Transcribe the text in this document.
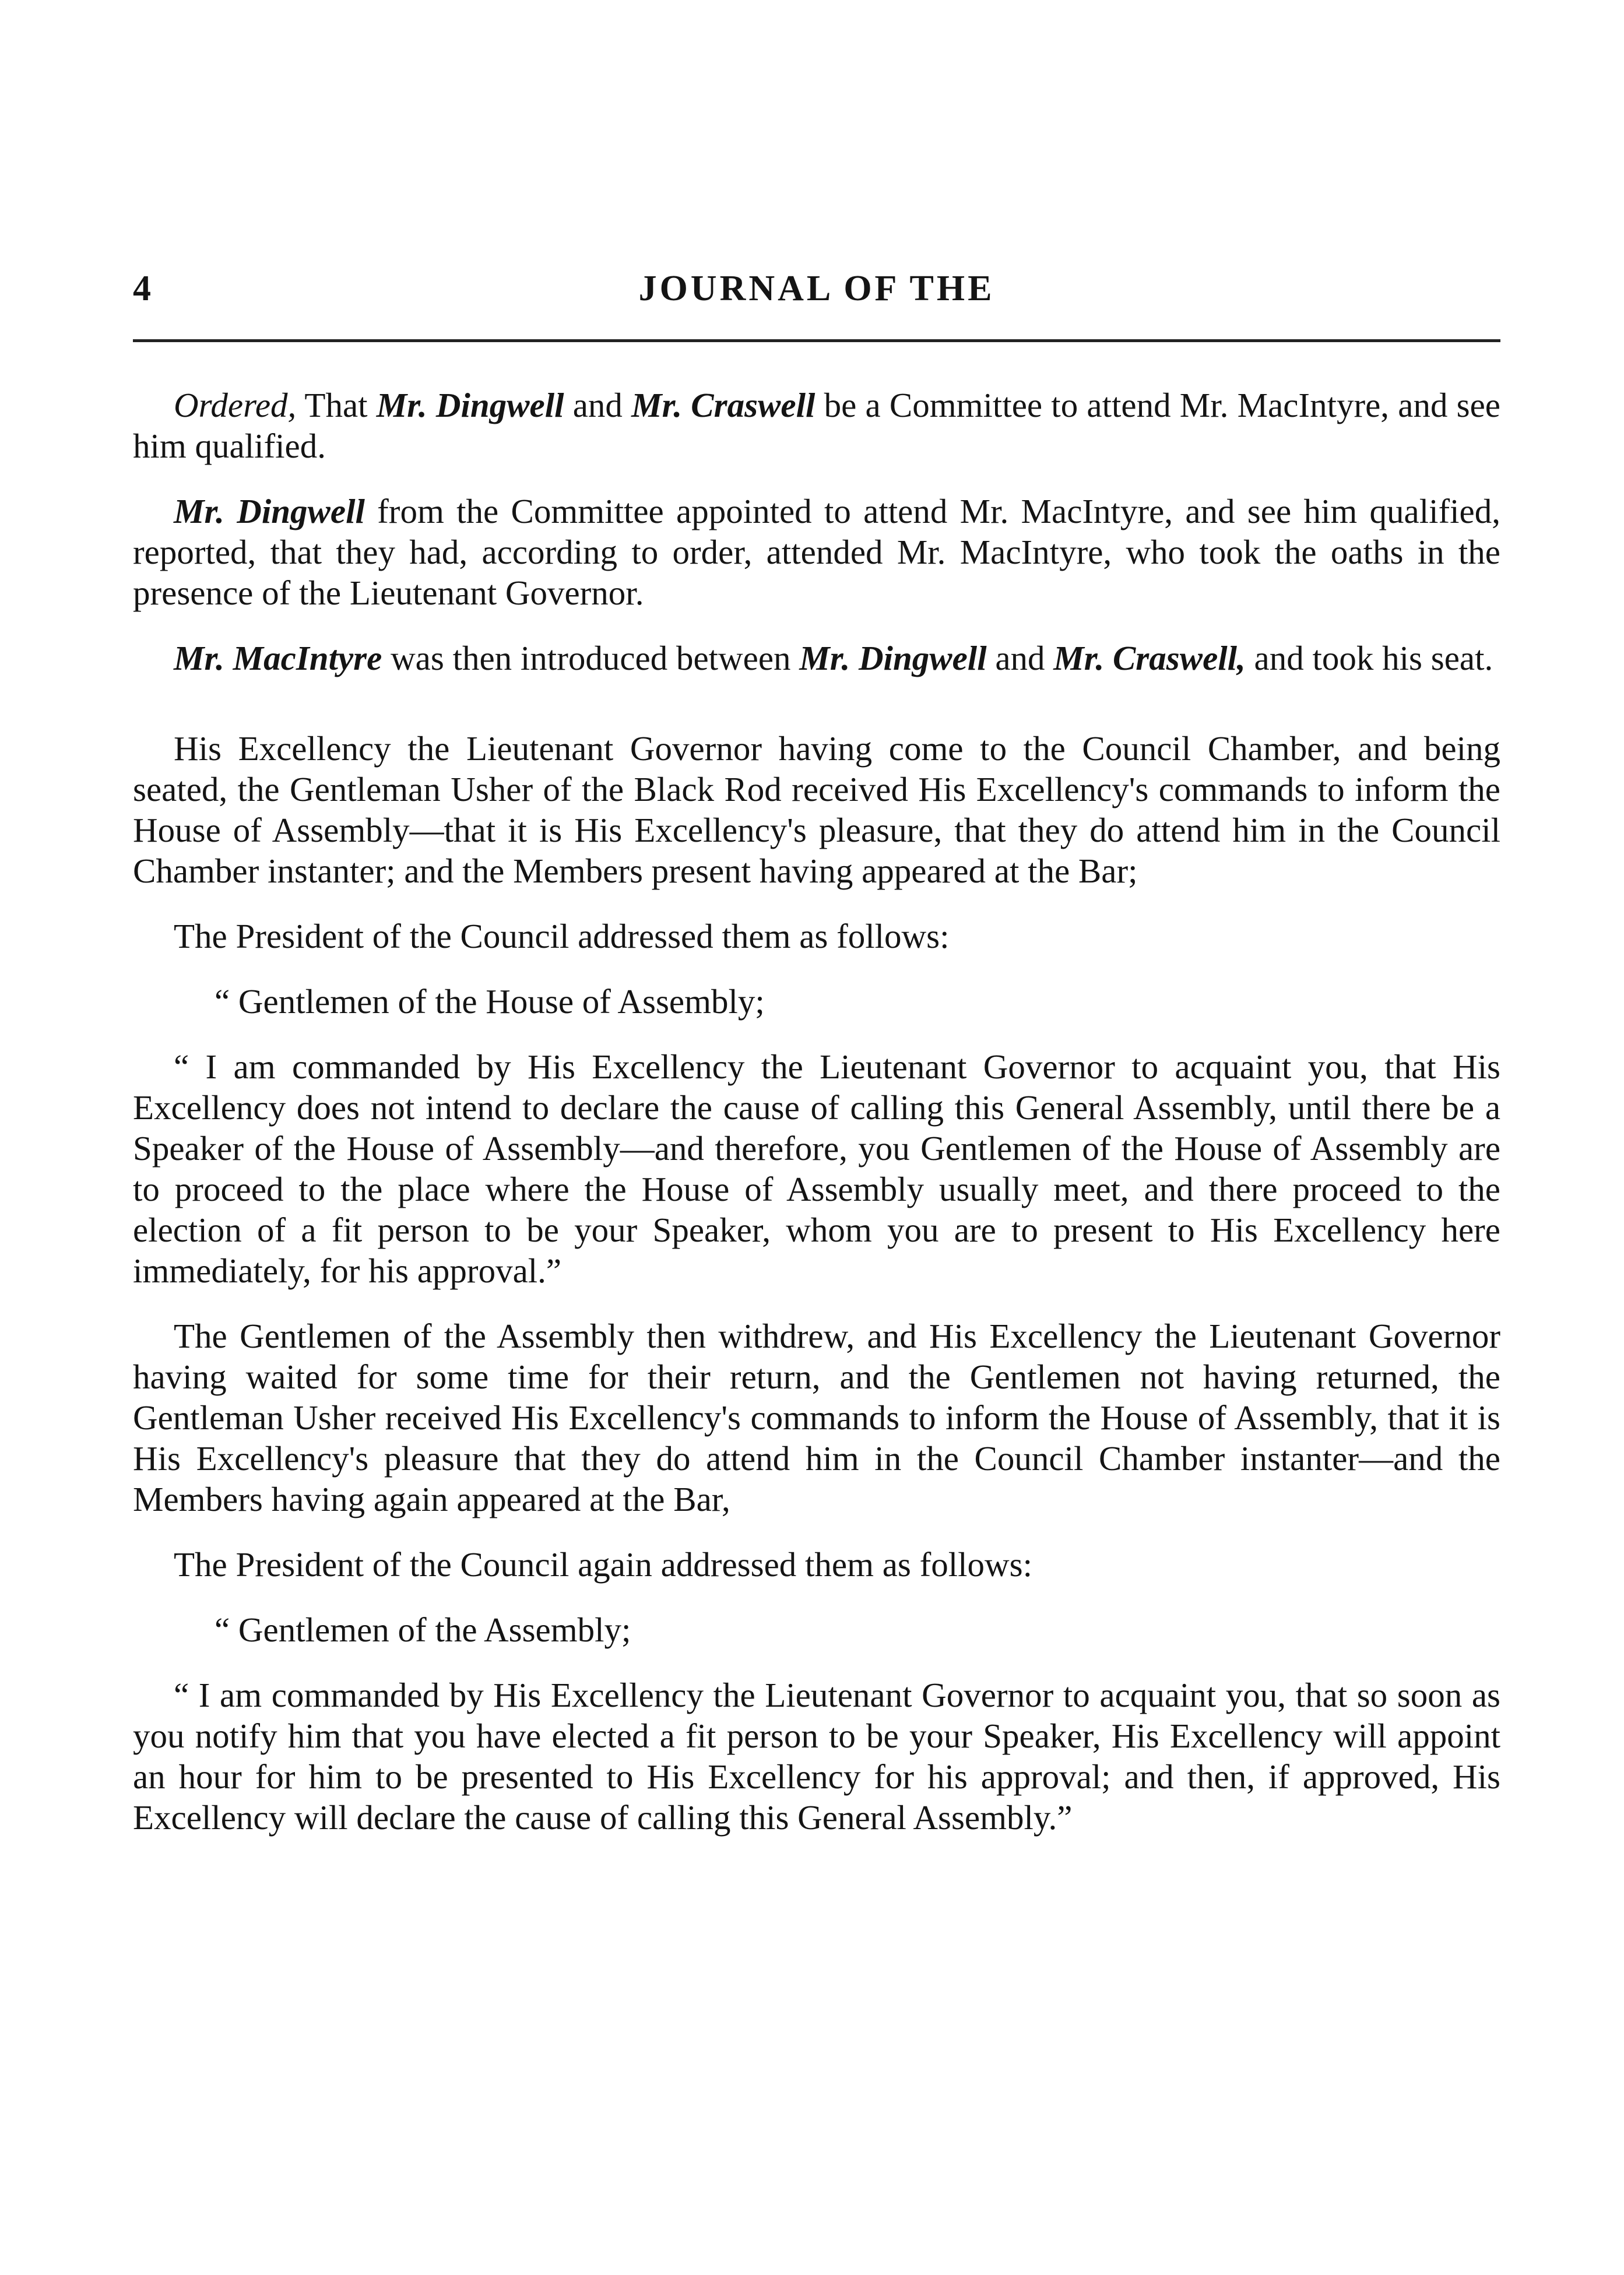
4	JOURNAL OF THE

Ordered, That Mr. Dingwell and Mr. Craswell be a Committee to attend Mr. MacIntyre, and see him qualified.

Mr. Dingwell from the Committee appointed to attend Mr. MacIntyre, and see him qualified, reported, that they had, according to order, attended Mr. MacIntyre, who took the oaths in the presence of the Lieutenant Governor.

Mr. MacIntyre was then introduced between Mr. Dingwell and Mr. Craswell, and took his seat.

His Excellency the Lieutenant Governor having come to the Council Chamber, and being seated, the Gentleman Usher of the Black Rod received His Excellency's commands to inform the House of Assembly—that it is His Excellency's pleasure, that they do attend him in the Council Chamber instanter; and the Members present having appeared at the Bar;

The President of the Council addressed them as follows:

“ Gentlemen of the House of Assembly;

“ I am commanded by His Excellency the Lieutenant Governor to acquaint you, that His Excellency does not intend to declare the cause of calling this General Assembly, until there be a Speaker of the House of Assembly—and therefore, you Gentlemen of the House of Assembly are to proceed to the place where the House of Assembly usually meet, and there proceed to the election of a fit person to be your Speaker, whom you are to present to His Excellency here immediately, for his approval.”

The Gentlemen of the Assembly then withdrew, and His Excellency the Lieutenant Governor having waited for some time for their return, and the Gentlemen not having returned, the Gentleman Usher received His Excellency's commands to inform the House of Assembly, that it is His Excellency's pleasure that they do attend him in the Council Chamber instanter—and the Members having again appeared at the Bar,

The President of the Council again addressed them as follows:

“ Gentlemen of the Assembly;

“ I am commanded by His Excellency the Lieutenant Governor to acquaint you, that so soon as you notify him that you have elected a fit person to be your Speaker, His Excellency will appoint an hour for him to be presented to His Excellency for his approval; and then, if approved, His Excellency will declare the cause of calling this General Assembly.”
